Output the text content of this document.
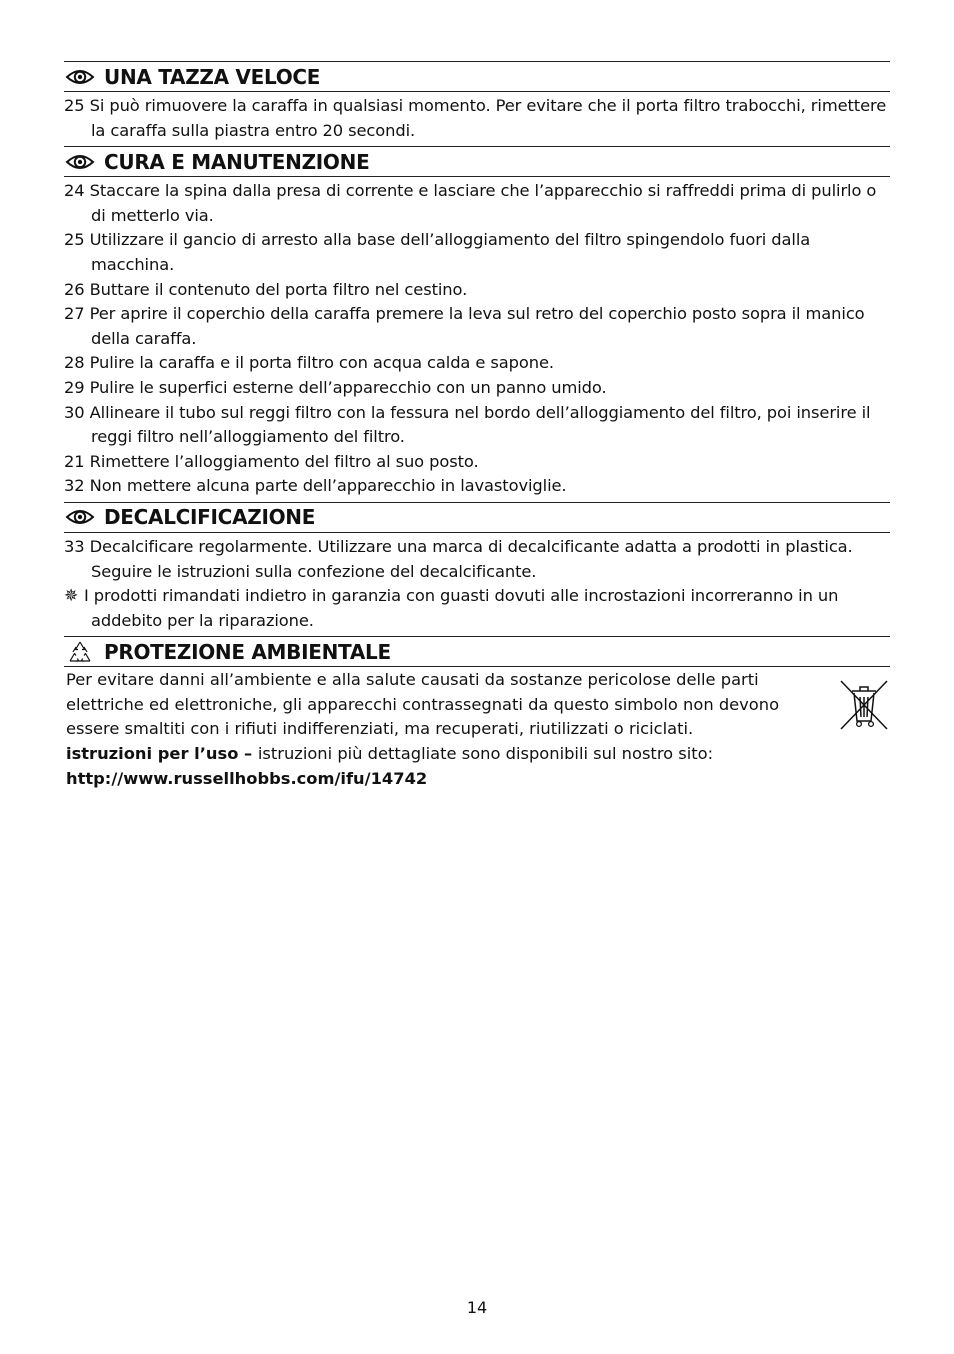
UNA TAZZA VELOCE
25 Si può rimuovere la caraffa in qualsiasi momento. Per evitare che il porta filtro trabocchi, rimettere la caraffa sulla piastra entro 20 secondi.
CURA E MANUTENZIONE
24 Staccare la spina dalla presa di corrente e lasciare che l’apparecchio si raffreddi prima di pulirlo o di metterlo via.
25 Utilizzare il gancio di arresto alla base dell’alloggiamento del filtro spingendolo fuori dalla macchina.
26 Buttare il contenuto del porta filtro nel cestino.
27 Per aprire il coperchio della caraffa premere la leva sul retro del coperchio posto sopra il manico della caraffa.
28 Pulire la caraffa e il porta filtro con acqua calda e sapone.
29 Pulire le superfici esterne dell’apparecchio con un panno umido.
30 Allineare il tubo sul reggi filtro con la fessura nel bordo dell’alloggiamento del filtro, poi inserire il reggi filtro nell’alloggiamento del filtro.
21 Rimettere l’alloggiamento del filtro al suo posto.
32 Non mettere alcuna parte dell’apparecchio in lavastoviglie.
DECALCIFICAZIONE
33 Decalcificare regolarmente. Utilizzare una marca di decalcificante adatta a prodotti in plastica. Seguire le istruzioni sulla confezione del decalcificante.
✵ I prodotti rimandati indietro in garanzia con guasti dovuti alle incrostazioni incorreranno in un addebito per la riparazione.
PROTEZIONE AMBIENTALE
Per evitare danni all’ambiente e alla salute causati da sostanze pericolose delle parti elettriche ed elettroniche, gli apparecchi contrassegnati da questo simbolo non devono essere smaltiti con i rifiuti indifferenziati, ma recuperati, riutilizzati o riciclati.
istruzioni per l’uso – istruzioni più dettagliate sono disponibili sul nostro sito:
http://www.russellhobbs.com/ifu/14742
14
